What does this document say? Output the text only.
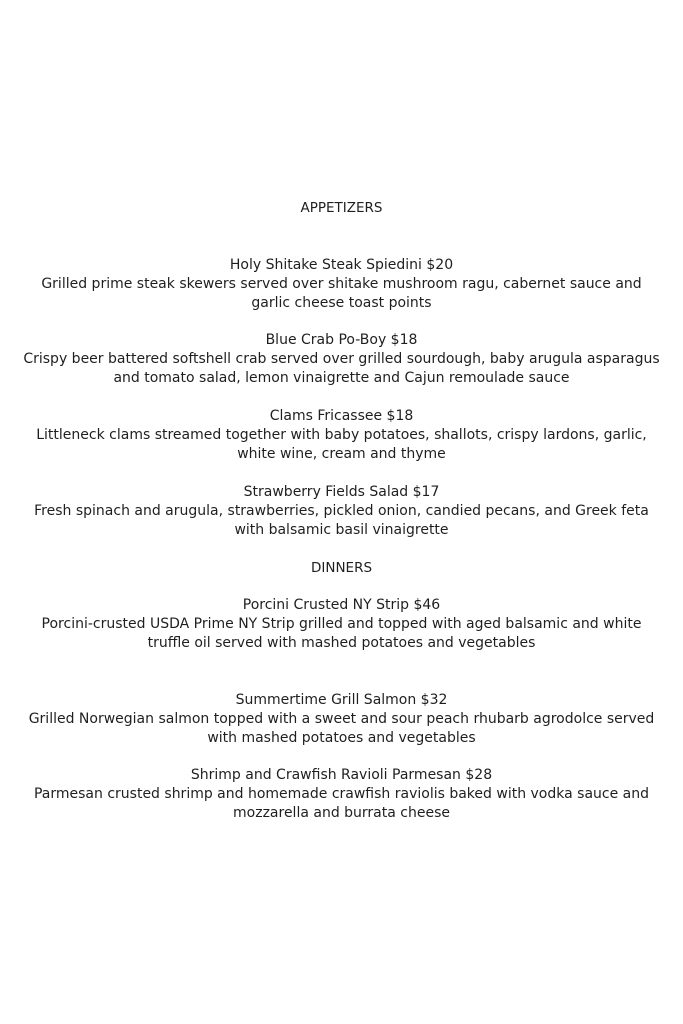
APPETIZERS
Holy Shitake Steak Spiedini $20
Grilled prime steak skewers served over shitake mushroom ragu, cabernet sauce and garlic cheese toast points
Blue Crab Po-Boy $18
Crispy beer battered softshell crab served over grilled sourdough, baby arugula asparagus and tomato salad, lemon vinaigrette and Cajun remoulade sauce
Clams Fricassee $18
Littleneck clams streamed together with baby potatoes, shallots, crispy lardons, garlic, white wine, cream and thyme
Strawberry Fields Salad $17
Fresh spinach and arugula, strawberries, pickled onion, candied pecans, and Greek feta with balsamic basil vinaigrette
DINNERS
Porcini Crusted NY Strip $46
Porcini-crusted USDA Prime NY Strip grilled and topped with aged balsamic and white truffle oil served with mashed potatoes and vegetables
Summertime Grill Salmon $32
Grilled Norwegian salmon topped with a sweet and sour peach rhubarb agrodolce served with mashed potatoes and vegetables
Shrimp and Crawfish Ravioli Parmesan $28
Parmesan crusted shrimp and homemade crawfish raviolis baked with vodka sauce and mozzarella and burrata cheese
